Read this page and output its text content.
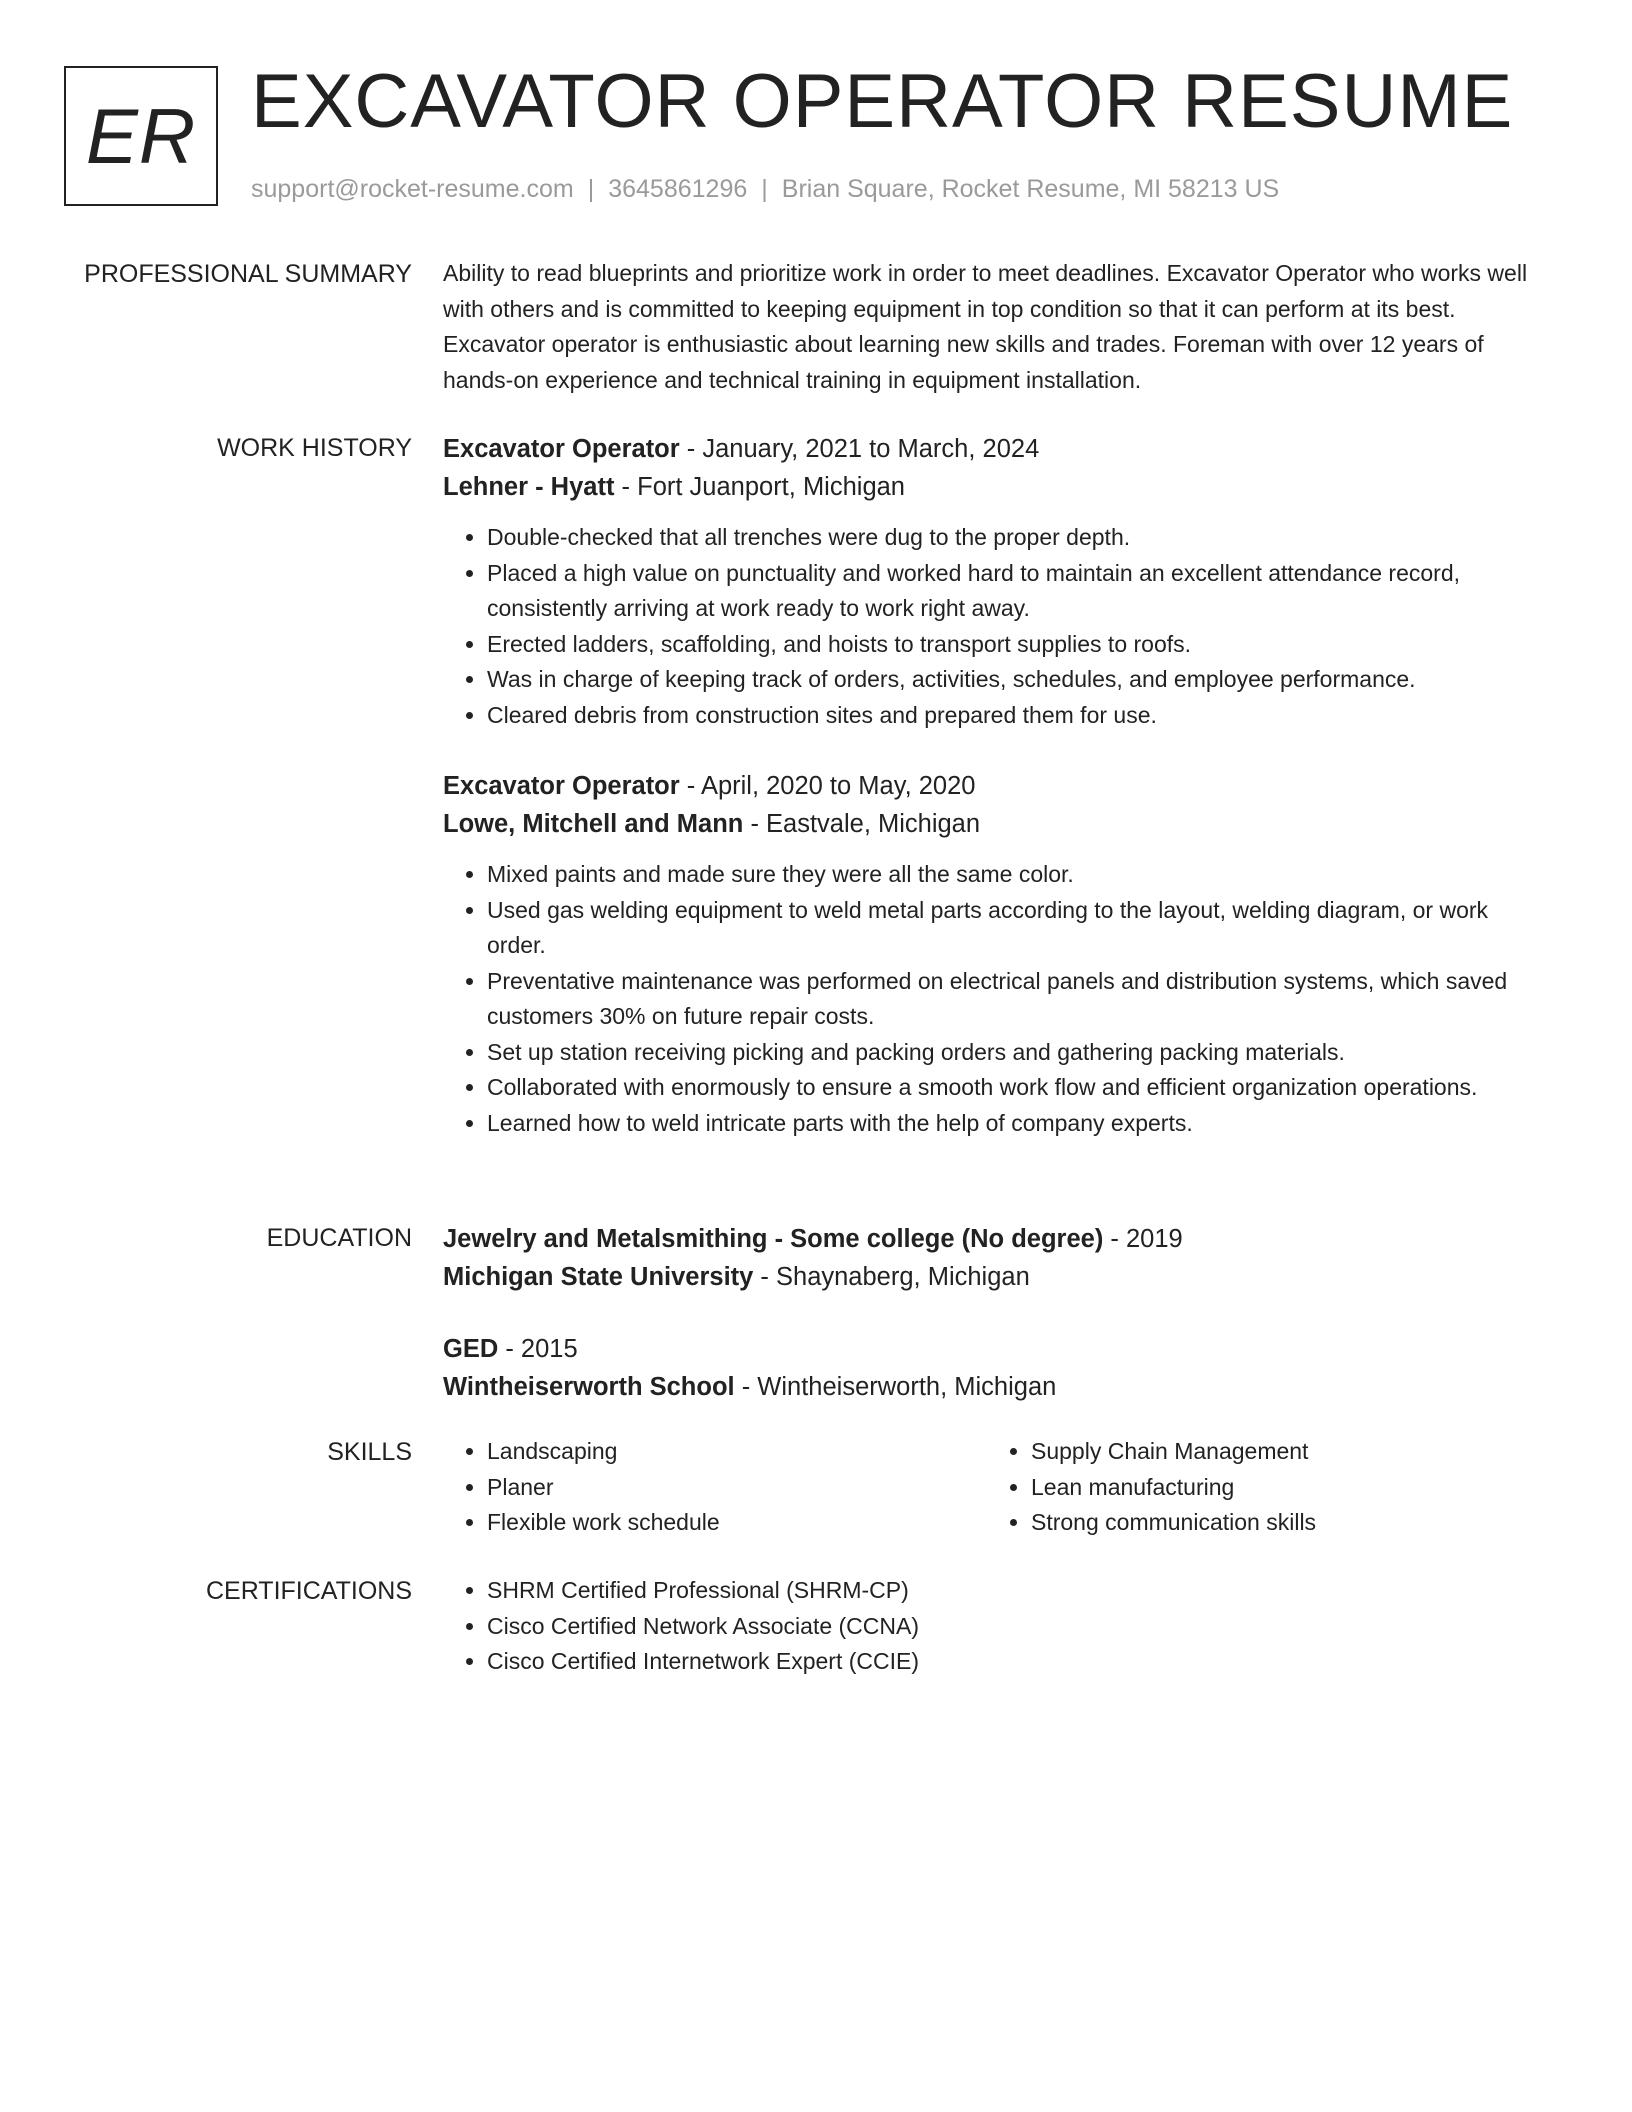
ER EXCAVATOR OPERATOR RESUME
support@rocket-resume.com | 3645861296 | Brian Square, Rocket Resume, MI 58213 US
PROFESSIONAL SUMMARY Ability to read blueprints and prioritize work in order to meet deadlines. Excavator Operator who works well with others and is committed to keeping equipment in top condition so that it can perform at its best. Excavator operator is enthusiastic about learning new skills and trades. Foreman with over 12 years of hands-on experience and technical training in equipment installation.

WORK HISTORY Excavator Operator - January, 2021 to March, 2024
Lehner - Hyatt - Fort Juanport, Michigan
• Double-checked that all trenches were dug to the proper depth.
• Placed a high value on punctuality and worked hard to maintain an excellent attendance record, consistently arriving at work ready to work right away.
• Erected ladders, scaffolding, and hoists to transport supplies to roofs.
• Was in charge of keeping track of orders, activities, schedules, and employee performance.
• Cleared debris from construction sites and prepared them for use.
Excavator Operator - April, 2020 to May, 2020
Lowe, Mitchell and Mann - Eastvale, Michigan
• Mixed paints and made sure they were all the same color.
• Used gas welding equipment to weld metal parts according to the layout, welding diagram, or work order.
• Preventative maintenance was performed on electrical panels and distribution systems, which saved customers 30% on future repair costs.
• Set up station receiving picking and packing orders and gathering packing materials.
• Collaborated with enormously to ensure a smooth work flow and efficient organization operations.
• Learned how to weld intricate parts with the help of company experts.
EDUCATION Jewelry and Metalsmithing - Some college (No degree) - 2019
Michigan State University - Shaynaberg, Michigan
GED - 2015
Wintheiserworth School - Wintheiserworth, Michigan
SKILLS	• Landscaping
• Planer
• Flexible work schedule
• Supply Chain Management
• Lean manufacturing
• Strong communication skills
CERTIFICATIONS	• SHRM Certified Professional (SHRM-CP)
• Cisco Certified Network Associate (CCNA)
• Cisco Certified Internetwork Expert (CCIE)
